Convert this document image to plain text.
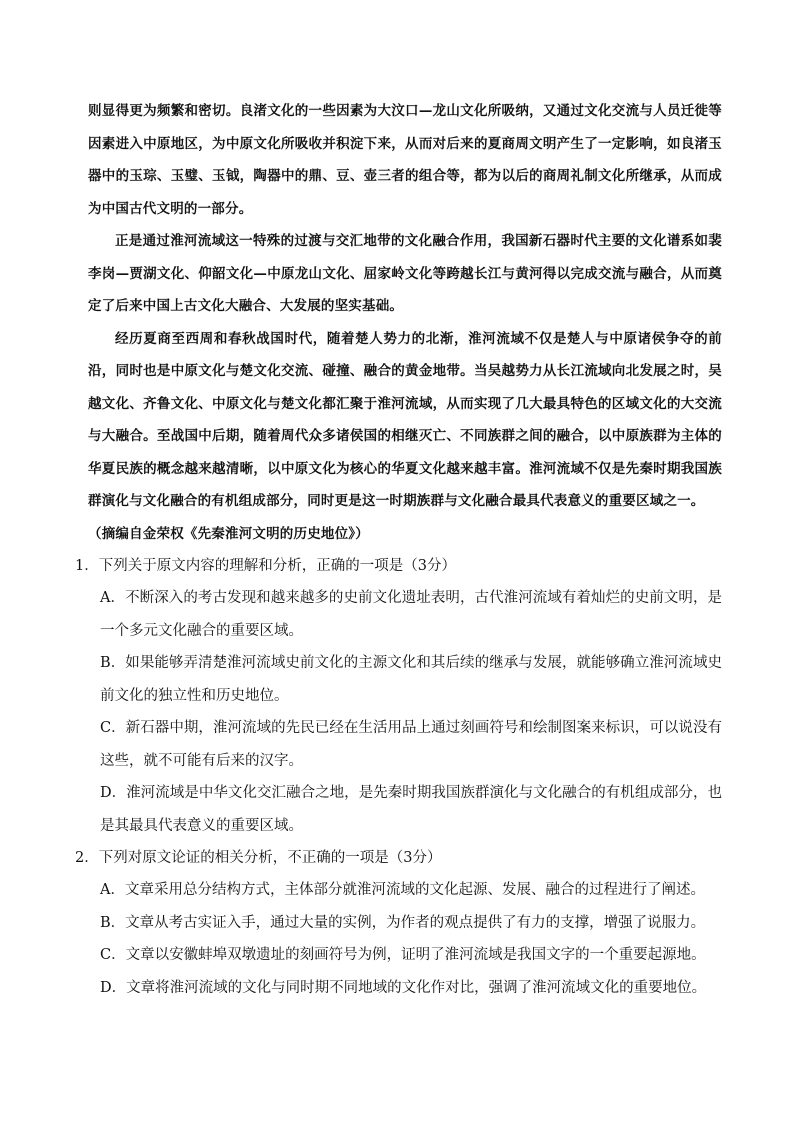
则显得更为频繁和密切。良渚文化的一些因素为大汶口—龙山文化所吸纳，又通过文化交流与人员迁徙等因素进入中原地区，为中原文化所吸收并积淀下来，从而对后来的夏商周文明产生了一定影响，如良渚玉器中的玉琮、玉璧、玉钺，陶器中的鼎、豆、壶三者的组合等，都为以后的商周礼制文化所继承，从而成为中国古代文明的一部分。

正是通过淮河流域这一特殊的过渡与交汇地带的文化融合作用，我国新石器时代主要的文化谱系如裴李岗—贾湖文化、仰韶文化—中原龙山文化、屈家岭文化等跨越长江与黄河得以完成交流与融合，从而奠定了后来中国上古文化大融合、大发展的坚实基础。

经历夏商至西周和春秋战国时代，随着楚人势力的北渐，淮河流域不仅是楚人与中原诸侯争夺的前沿，同时也是中原文化与楚文化交流、碰撞、融合的黄金地带。当吴越势力从长江流域向北发展之时，吴越文化、齐鲁文化、中原文化与楚文化都汇聚于淮河流域，从而实现了几大最具特色的区域文化的大交流与大融合。至战国中后期，随着周代众多诸侯国的相继灭亡、不同族群之间的融合，以中原族群为主体的华夏民族的概念越来越清晰，以中原文化为核心的华夏文化越来越丰富。淮河流域不仅是先秦时期我国族群演化与文化融合的有机组成部分，同时更是这一时期族群与文化融合最具代表意义的重要区域之一。

（摘编自金荣权《先秦淮河文明的历史地位》）

1．下列关于原文内容的理解和分析，正确的一项是（3分）

A．不断深入的考古发现和越来越多的史前文化遗址表明，古代淮河流域有着灿烂的史前文明，是一个多元文化融合的重要区域。

B．如果能够弄清楚淮河流域史前文化的主源文化和其后续的继承与发展，就能够确立淮河流域史前文化的独立性和历史地位。

C．新石器中期，淮河流域的先民已经在生活用品上通过刻画符号和绘制图案来标识，可以说没有这些，就不可能有后来的汉字。

D．淮河流域是中华文化交汇融合之地，是先秦时期我国族群演化与文化融合的有机组成部分，也是其最具代表意义的重要区域。

2．下列对原文论证的相关分析，不正确的一项是（3分）

A．文章采用总分结构方式，主体部分就淮河流域的文化起源、发展、融合的过程进行了阐述。

B．文章从考古实证入手，通过大量的实例，为作者的观点提供了有力的支撑，增强了说服力。

C．文章以安徽蚌埠双墩遗址的刻画符号为例，证明了淮河流域是我国文字的一个重要起源地。

D．文章将淮河流域的文化与同时期不同地域的文化作对比，强调了淮河流域文化的重要地位。
